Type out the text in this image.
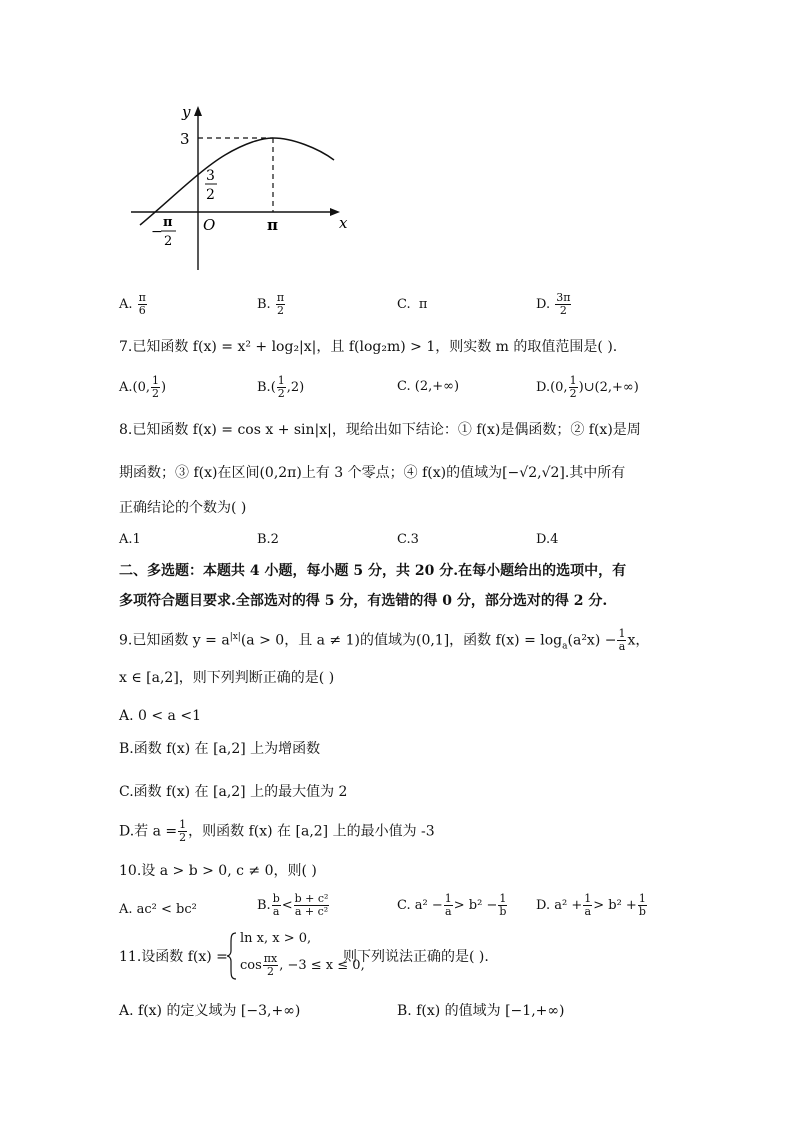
y
x
O
3
3
2
π
−
π
2
A. $\frac{\pi}{6}$	B. $\frac{\pi}{2}$	C. π	D. $\frac{3\pi}{2}$
7.已知函数 f(x) = x² + log₂|x|，且 f(log₂m) > 1，则实数 m 的取值范围是( ).
A.(0, $\frac{1}{2}$ )	$B.( \frac{1}{2} ,2)$	C. (2,+∞)	D.(0, $\frac{1}{2}$ )∪(2,+∞)
8.已知函数 f(x) = cos x + sin|x|，现给出如下结论：① f(x)是偶函数；② f(x)是周
期函数；③ f(x)在区间(0,2π)上有 3 个零点；④ f(x)的值域为[−√2,√2].其中所有
正确结论的个数为( )
A.1	B.2	C.3	D.4
二、多选题：本题共 4 小题，每小题 5 分，共 20 分.在每小题给出的选项中，有
多项符合题目要求.全部选对的得 5 分，有选错的得 0 分，部分选对的得 2 分.
9.已知函数 $y = a^{|x|}(a > 0$，且 a ≠ 1)的值域为(0,1]，函数 $f(x) = \log_a(a^2x) - \frac{1}{a}$ x，
x ∈ [a,2]，则下列判断正确的是( )
A. 0 < a <1
B.函数 f(x) 在 [a,2] 上为增函数
C.函数 f(x) 在 [a,2] 上的最大值为 2
D.若 $a = \frac{1}{2}$ ，则函数 f(x) 在 [a,2] 上的最小值为 -3
10.设 a > b > 0, c ≠ 0，则( )
A. ac² < bc²	B. $\frac{b}{a} < \frac{\text{b + c²}}{\text{a + c²}}$	C. $a^2 - \frac{1}{a} > b^2 - \frac{1}{b} D$. $a^2 + \frac{1}{a} > b^2 + \frac{1}{b}$
11.设函数 f(x) =
ln x, x > 0,
$\cos \frac{\pi x}{2}$ , −3 ≤ x ≤ 0,
则下列说法正确的是( ).
A. f(x) 的定义域为 [−3,+∞)	B. f(x) 的值域为 [−1,+∞)
